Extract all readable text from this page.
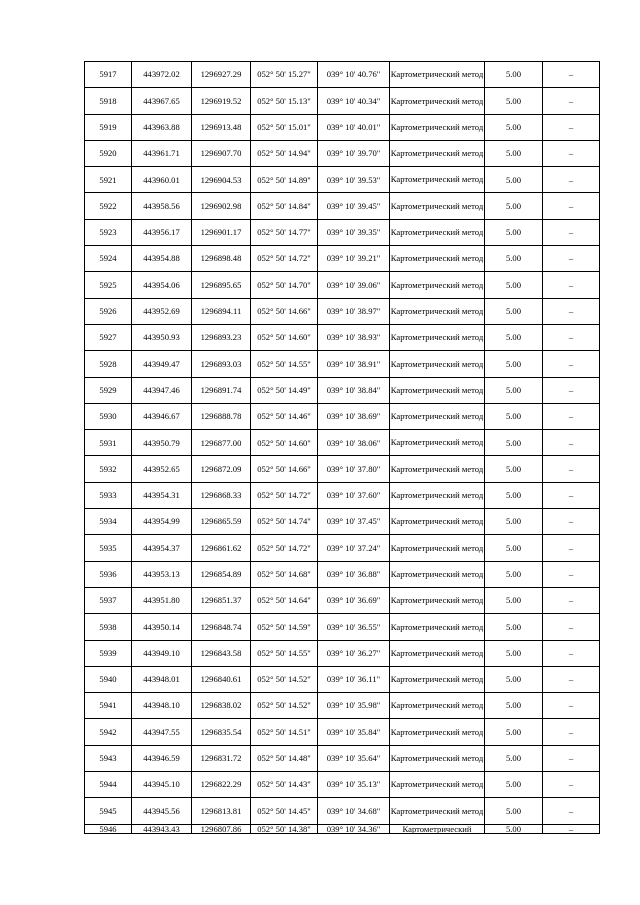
5917	443972.02	1296927.29	052° 50' 15.27"	039° 10' 40.76"	Картометрический метод	5.00	–
5918	443967.65	1296919.52	052° 50' 15.13"	039° 10' 40.34"	Картометрический метод	5.00	–
5919	443963.88	1296913.48	052° 50' 15.01"	039° 10' 40.01"	Картометрический метод	5.00	–
5920	443961.71	1296907.70	052° 50' 14.94"	039° 10' 39.70"	Картометрический метод	5.00	–
5921	443960.01	1296904.53	052° 50' 14.89"	039° 10' 39.53"	Картометрический метод	5.00	–
5922	443958.56	1296902.98	052° 50' 14.84"	039° 10' 39.45"	Картометрический метод	5.00	–
5923	443956.17	1296901.17	052° 50' 14.77"	039° 10' 39.35"	Картометрический метод	5.00	–
5924	443954.88	1296898.48	052° 50' 14.72"	039° 10' 39.21"	Картометрический метод	5.00	–
5925	443954.06	1296895.65	052° 50' 14.70"	039° 10' 39.06"	Картометрический метод	5.00	–
5926	443952.69	1296894.11	052° 50' 14.66"	039° 10' 38.97"	Картометрический метод	5.00	–
5927	443950.93	1296893.23	052° 50' 14.60"	039° 10' 38.93"	Картометрический метод	5.00	–
5928	443949.47	1296893.03	052° 50' 14.55"	039° 10' 38.91"	Картометрический метод	5.00	–
5929	443947.46	1296891.74	052° 50' 14.49"	039° 10' 38.84"	Картометрический метод	5.00	–
5930	443946.67	1296888.78	052° 50' 14.46"	039° 10' 38.69"	Картометрический метод	5.00	–
5931	443950.79	1296877.00	052° 50' 14.60"	039° 10' 38.06"	Картометрический метод	5.00	–
5932	443952.65	1296872.09	052° 50' 14.66"	039° 10' 37.80"	Картометрический метод	5.00	–
5933	443954.31	1296868.33	052° 50' 14.72"	039° 10' 37.60"	Картометрический метод	5.00	–
5934	443954.99	1296865.59	052° 50' 14.74"	039° 10' 37.45"	Картометрический метод	5.00	–
5935	443954.37	1296861.62	052° 50' 14.72"	039° 10' 37.24"	Картометрический метод	5.00	–
5936	443953.13	1296854.89	052° 50' 14.68"	039° 10' 36.88"	Картометрический метод	5.00	–
5937	443951.80	1296851.37	052° 50' 14.64"	039° 10' 36.69"	Картометрический метод	5.00	–
5938	443950.14	1296848.74	052° 50' 14.59"	039° 10' 36.55"	Картометрический метод	5.00	–
5939	443949.10	1296843.58	052° 50' 14.55"	039° 10' 36.27"	Картометрический метод	5.00	–
5940	443948.01	1296840.61	052° 50' 14.52"	039° 10' 36.11"	Картометрический метод	5.00	–
5941	443948.10	1296838.02	052° 50' 14.52"	039° 10' 35.98"	Картометрический метод	5.00	–
5942	443947.55	1296835.54	052° 50' 14.51"	039° 10' 35.84"	Картометрический метод	5.00	–
5943	443946.59	1296831.72	052° 50' 14.48"	039° 10' 35.64"	Картометрический метод	5.00	–
5944	443945.10	1296822.29	052° 50' 14.43"	039° 10' 35.13"	Картометрический метод	5.00	–
5945	443945.56	1296813.81	052° 50' 14.45"	039° 10' 34.68"	Картометрический метод	5.00	–
5946	443943.43	1296807.86	052° 50' 14.38"	039° 10' 34.36"	Картометрический	5.00	–
